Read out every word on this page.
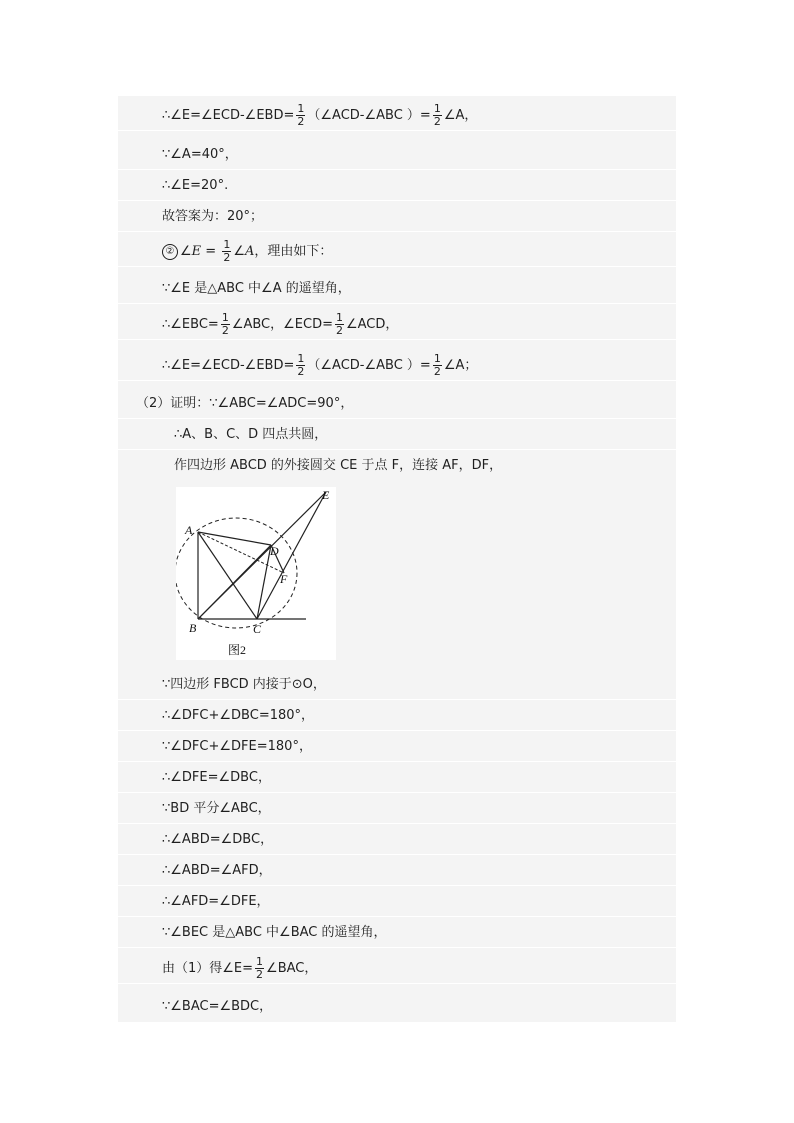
∴∠E=∠ECD-∠EBD= $\frac{1}{2}$ （∠ACD-∠ABC ）= $\frac{1}{2}$ ∠A，
∵∠A=40°，
∴∠E=20°.
故答案为：20°；
② ∠E = $\frac{1}{2}$ ∠A，理由如下：
∵∠E 是△ABC 中∠A 的遥望角，
∴∠EBC= $\frac{1}{2}$ ∠ABC，∠ECD= $\frac{1}{2}$ ∠ACD，
∴∠E=∠ECD-∠EBD= $\frac{1}{2}$ （∠ACD-∠ABC ）= $\frac{1}{2}$ ∠A；
（2）证明：∵∠ABC=∠ADC=90°，
∴A、B、C、D 四点共圆，
作四边形 ABCD 的外接圆交 CE 于点 F，连接 AF，DF，
A
B	C
D
E
F
图2
∵四边形 FBCD 内接于⊙O，
∴∠DFC+∠DBC=180°，
∵∠DFC+∠DFE=180°，
∴∠DFE=∠DBC，
∵BD 平分∠ABC，
∴∠ABD=∠DBC，
∴∠ABD=∠AFD，
∴∠AFD=∠DFE，
∵∠BEC 是△ABC 中∠BAC 的遥望角，
由（1）得∠E= $\frac{1}{2}$ ∠BAC，
∵∠BAC=∠BDC，
